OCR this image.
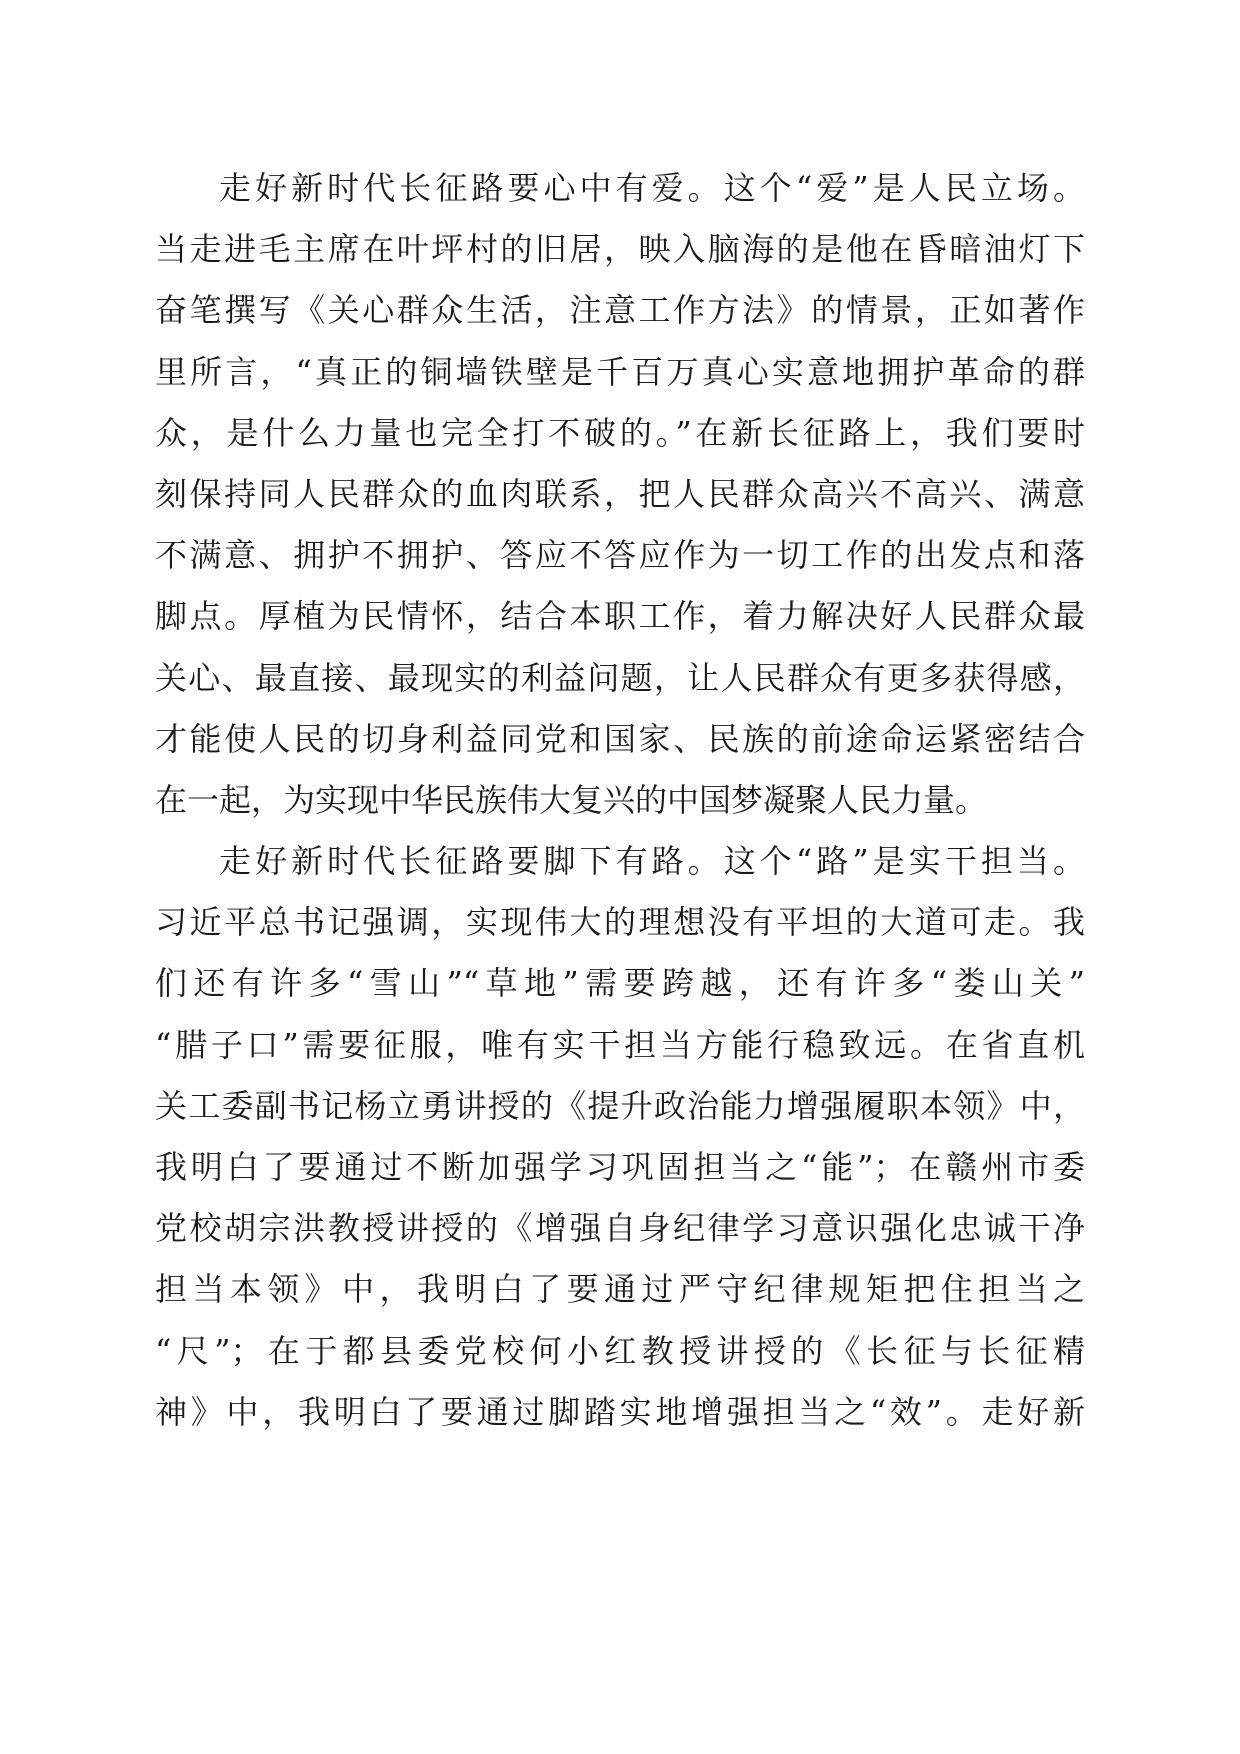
走好新时代长征路要心中有爱。这个“爱”是人民立场。
当走进毛主席在叶坪村的旧居，映入脑海的是他在昏暗油灯下
奋笔撰写《关心群众生活，注意工作方法》的情景，正如著作
里所言，“真正的铜墙铁壁是千百万真心实意地拥护革命的群
众，是什么力量也完全打不破的。”在新长征路上，我们要时
刻保持同人民群众的血肉联系，把人民群众高兴不高兴、满意
不满意、拥护不拥护、答应不答应作为一切工作的出发点和落
脚点。厚植为民情怀，结合本职工作，着力解决好人民群众最
关心、最直接、最现实的利益问题，让人民群众有更多获得感，
才能使人民的切身利益同党和国家、民族的前途命运紧密结合
在一起，为实现中华民族伟大复兴的中国梦凝聚人民力量。
走好新时代长征路要脚下有路。这个“路”是实干担当。
习近平总书记强调，实现伟大的理想没有平坦的大道可走。我
们还有许多“雪山”“草地”需要跨越，还有许多“娄山关”
“腊子口”需要征服，唯有实干担当方能行稳致远。在省直机
关工委副书记杨立勇讲授的《提升政治能力增强履职本领》中，
我明白了要通过不断加强学习巩固担当之“能”；在赣州市委
党校胡宗洪教授讲授的《增强自身纪律学习意识强化忠诚干净
担当本领》中，我明白了要通过严守纪律规矩把住担当之
“尺”；在于都县委党校何小红教授讲授的《长征与长征精
神》中，我明白了要通过脚踏实地增强担当之“效”。走好新
